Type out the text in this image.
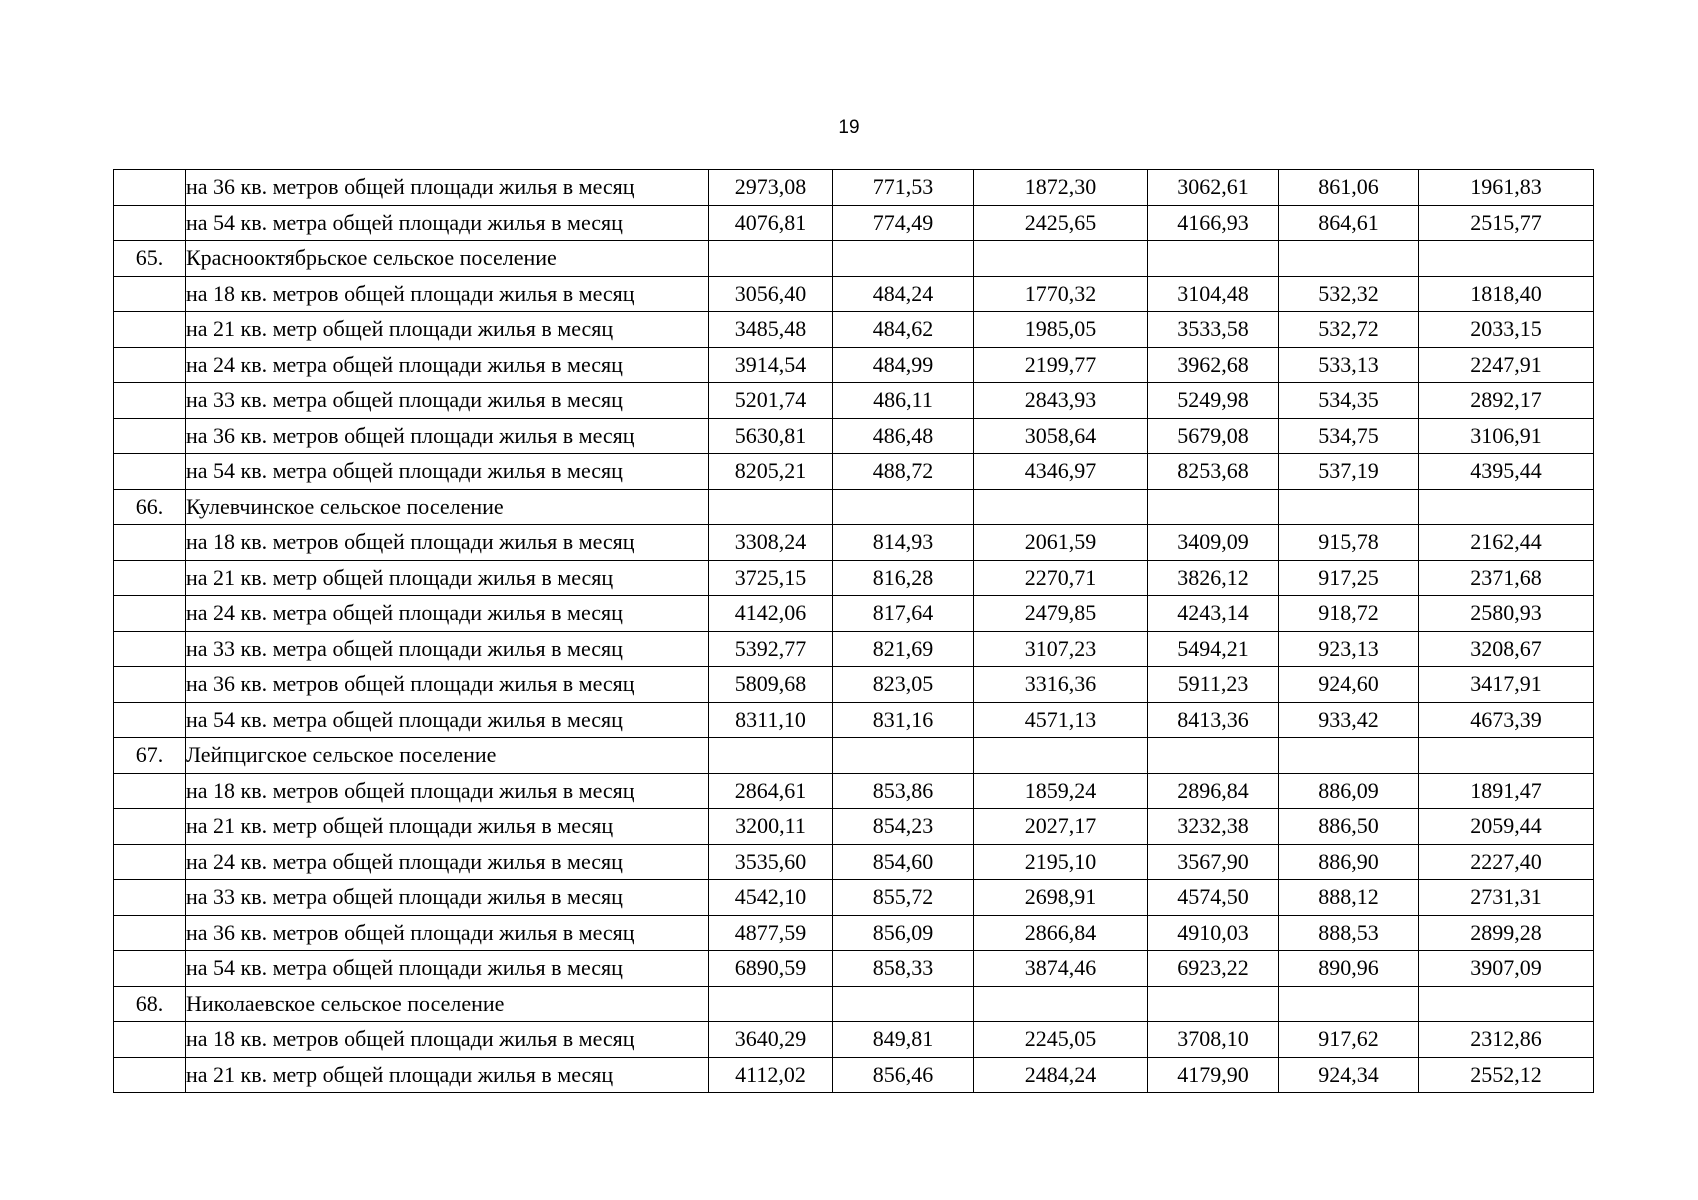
19
	на 36 кв. метров общей площади жилья в месяц	2973,08	771,53	1872,30	3062,61	861,06	1961,83
	на 54 кв. метра общей площади жилья в месяц	4076,81	774,49	2425,65	4166,93	864,61	2515,77
65.	Краснооктябрьское сельское поселение						
	на 18 кв. метров общей площади жилья в месяц	3056,40	484,24	1770,32	3104,48	532,32	1818,40
	на 21 кв. метр общей площади жилья в месяц	3485,48	484,62	1985,05	3533,58	532,72	2033,15
	на 24 кв. метра общей площади жилья в месяц	3914,54	484,99	2199,77	3962,68	533,13	2247,91
	на 33 кв. метра общей площади жилья в месяц	5201,74	486,11	2843,93	5249,98	534,35	2892,17
	на 36 кв. метров общей площади жилья в месяц	5630,81	486,48	3058,64	5679,08	534,75	3106,91
	на 54 кв. метра общей площади жилья в месяц	8205,21	488,72	4346,97	8253,68	537,19	4395,44
66.	Кулевчинское сельское поселение						
	на 18 кв. метров общей площади жилья в месяц	3308,24	814,93	2061,59	3409,09	915,78	2162,44
	на 21 кв. метр общей площади жилья в месяц	3725,15	816,28	2270,71	3826,12	917,25	2371,68
	на 24 кв. метра общей площади жилья в месяц	4142,06	817,64	2479,85	4243,14	918,72	2580,93
	на 33 кв. метра общей площади жилья в месяц	5392,77	821,69	3107,23	5494,21	923,13	3208,67
	на 36 кв. метров общей площади жилья в месяц	5809,68	823,05	3316,36	5911,23	924,60	3417,91
	на 54 кв. метра общей площади жилья в месяц	8311,10	831,16	4571,13	8413,36	933,42	4673,39
67.	Лейпцигское сельское поселение						
	на 18 кв. метров общей площади жилья в месяц	2864,61	853,86	1859,24	2896,84	886,09	1891,47
	на 21 кв. метр общей площади жилья в месяц	3200,11	854,23	2027,17	3232,38	886,50	2059,44
	на 24 кв. метра общей площади жилья в месяц	3535,60	854,60	2195,10	3567,90	886,90	2227,40
	на 33 кв. метра общей площади жилья в месяц	4542,10	855,72	2698,91	4574,50	888,12	2731,31
	на 36 кв. метров общей площади жилья в месяц	4877,59	856,09	2866,84	4910,03	888,53	2899,28
	на 54 кв. метра общей площади жилья в месяц	6890,59	858,33	3874,46	6923,22	890,96	3907,09
68.	Николаевское сельское поселение						
	на 18 кв. метров общей площади жилья в месяц	3640,29	849,81	2245,05	3708,10	917,62	2312,86
	на 21 кв. метр общей площади жилья в месяц	4112,02	856,46	2484,24	4179,90	924,34	2552,12
